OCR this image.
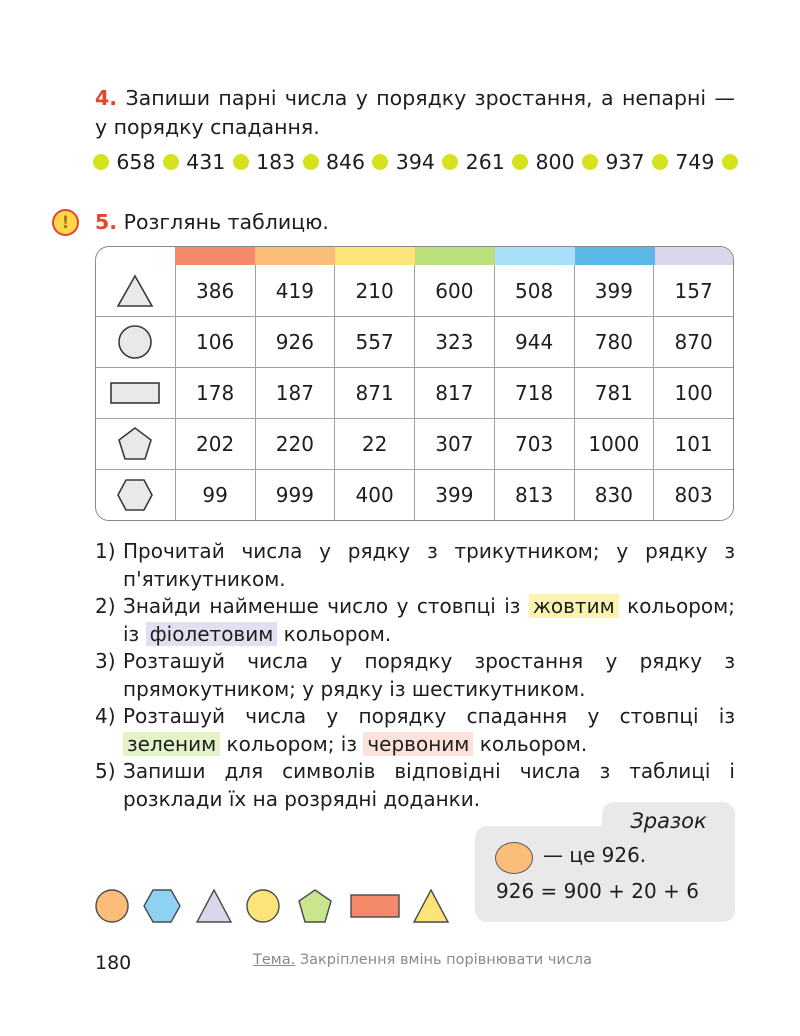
4. Запиши парні числа у порядку зростання, а непарні — у порядку спадання.
658 431 183 846 394 261 800 937 749
!	5. Розглянь таблицю.
386	419	210	600	508	399	157
106	926	557	323	944	780	870
178	187	871	817	718	781	100
202	220	22	307	703	1000	101
99	999	400	399	813	830	803
1) Прочитай числа у рядку з трикутником; у рядку з п'ятикутником.
2) Знайди найменше число у стовпці із жовтим кольором; із фіолетовим кольором.
3) Розташуй числа у порядку зростання у рядку з прямокутником; у рядку із шестикутником.
4) Розташуй числа у порядку спадання у стовпці із зеленим кольором; із червоним кольором.
5) Запиши для символів відповідні числа з таблиці і розклади їх на розрядні доданки.
Зразок
— це 926.
926 = 900 + 20 + 6
180	Тема. Закріплення вмінь порівнювати числа
